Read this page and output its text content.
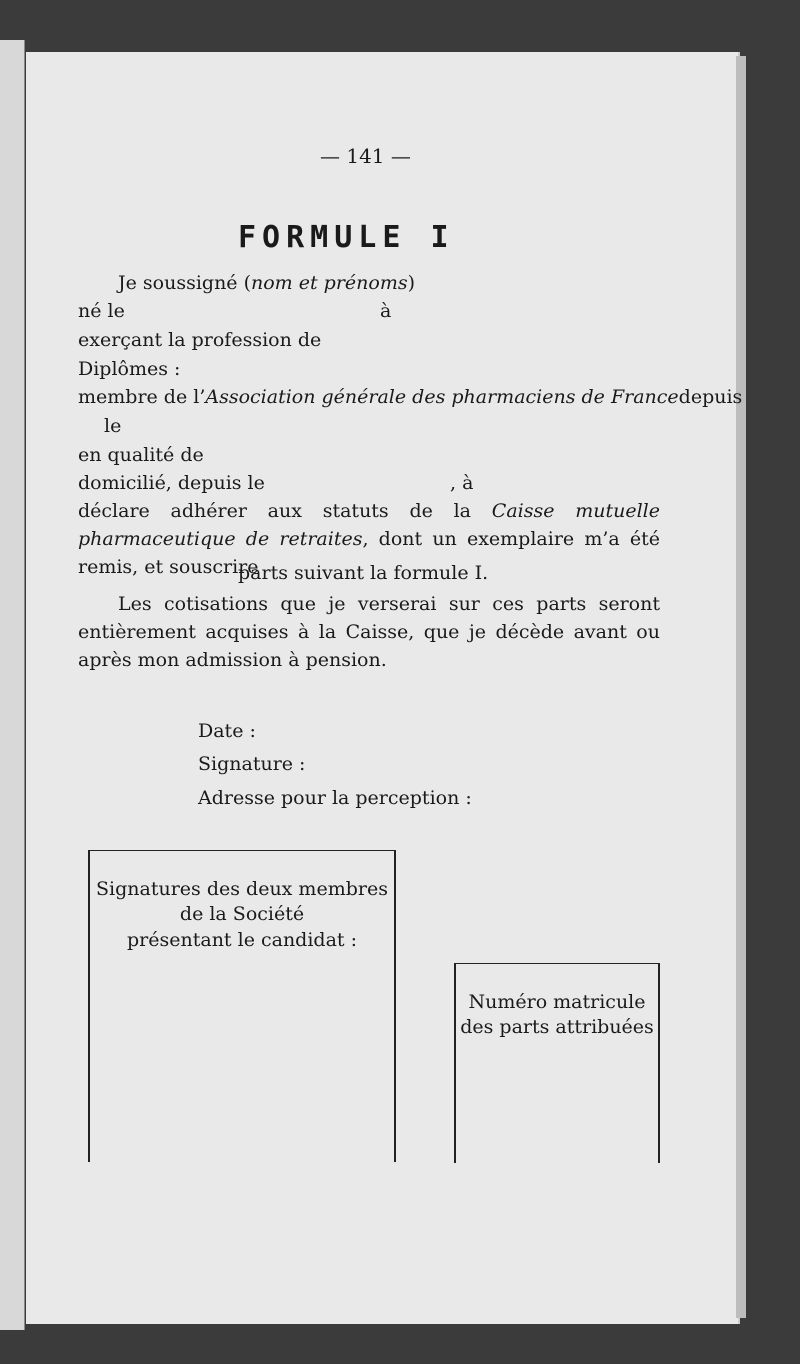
— 141 —
FORMULE I
Je soussigné (nom et prénoms)
né le	à
exerçant la profession de
Diplômes :
membre de l’Association générale des pharmaciens de France depuis
le
en qualité de
domicilié, depuis le	, à
déclare adhérer aux statuts de la Caisse mutuelle pharmaceutique de retraites, dont un exemplaire m’a été remis, et souscrire
parts suivant la formule I.
Les cotisations que je verserai sur ces parts seront entièrement acquises à la Caisse, que je décède avant ou après mon admission à pension.
Date :
Signature :
Adresse pour la perception :
Signatures des deux membres
de la Société
présentant le candidat :
Numéro matricule
des parts attribuées
